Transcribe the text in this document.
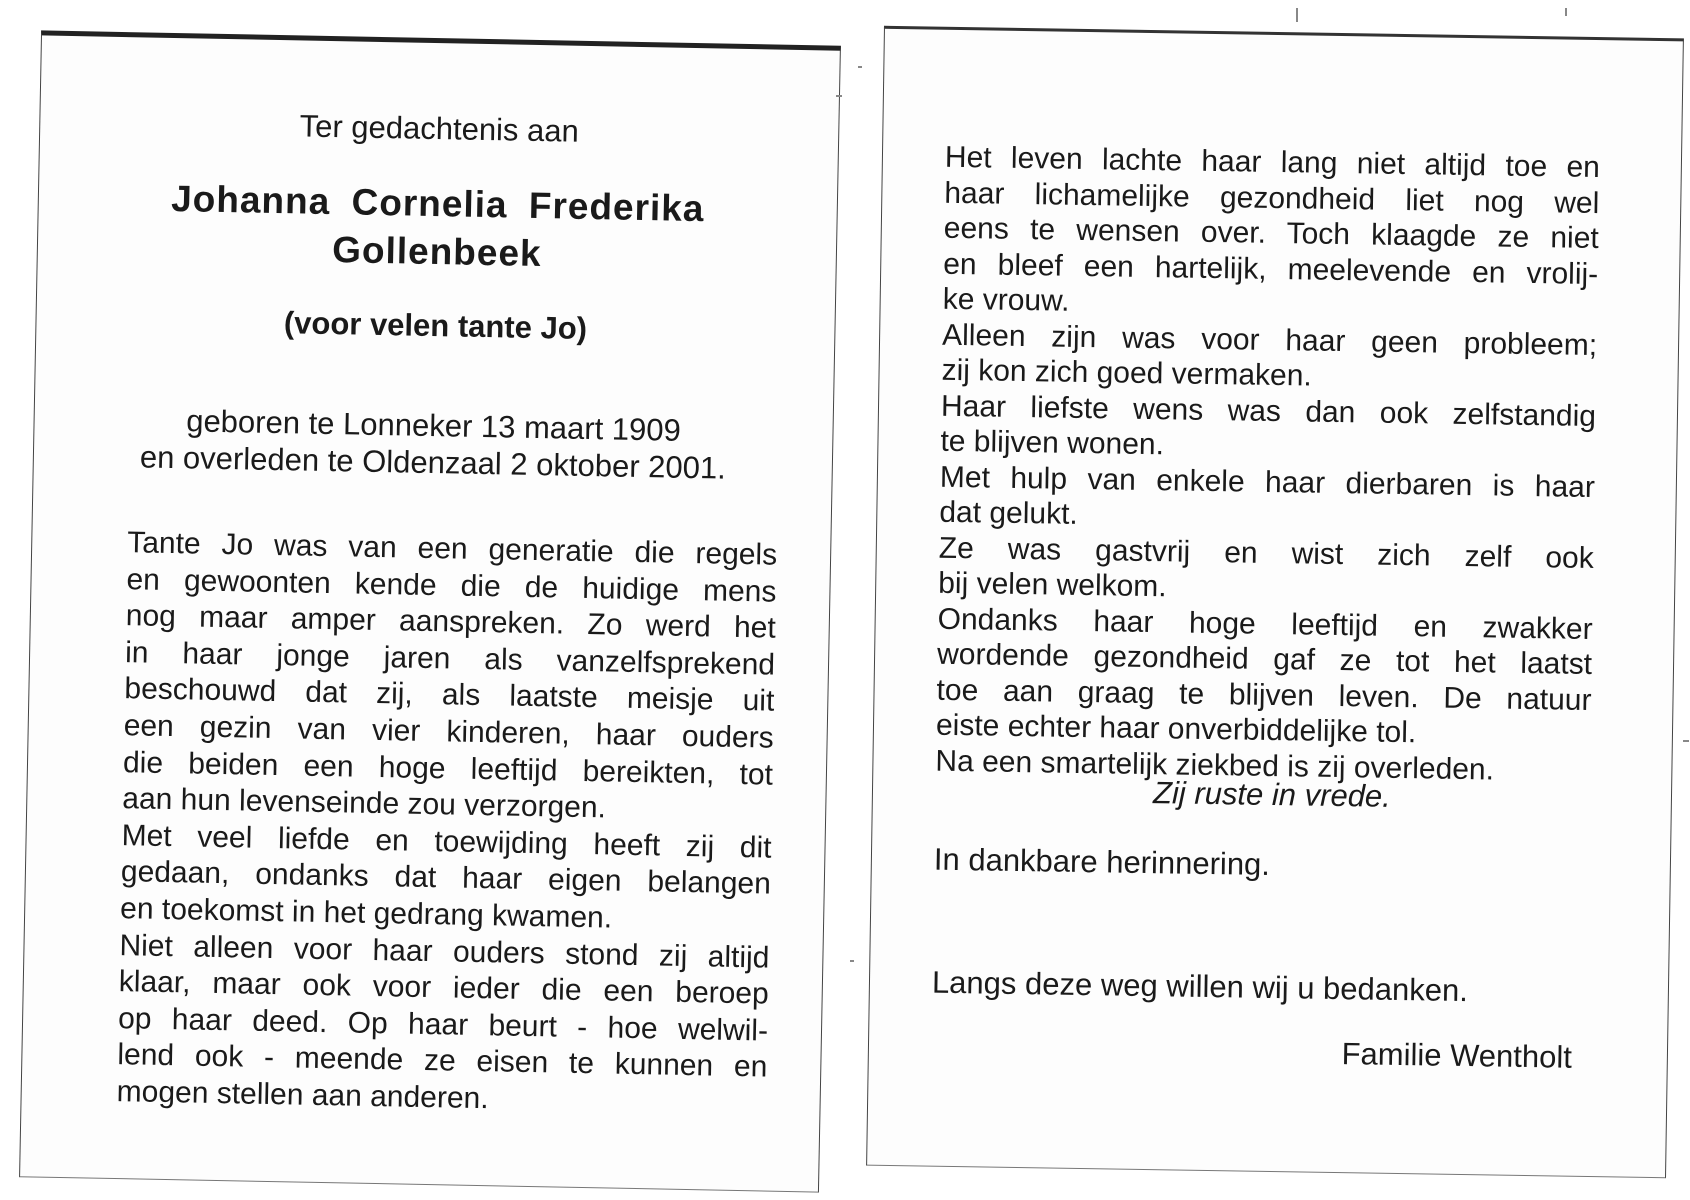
Ter gedachtenis aan
Johanna Cornelia Frederika
Gollenbeek
(voor velen tante Jo)
geboren te Lonneker 13 maart 1909
en overleden te Oldenzaal 2 oktober 2001.
Tante Jo was van een generatie die regels
en gewoonten kende die de huidige mens
nog maar amper aanspreken. Zo werd het
in haar jonge jaren als vanzelfsprekend
beschouwd dat zij, als laatste meisje uit
een gezin van vier kinderen, haar ouders
die beiden een hoge leeftijd bereikten, tot
aan hun levenseinde zou verzorgen.
Met veel liefde en toewijding heeft zij dit
gedaan, ondanks dat haar eigen belangen
en toekomst in het gedrang kwamen.
Niet alleen voor haar ouders stond zij altijd
klaar, maar ook voor ieder die een beroep
op haar deed. Op haar beurt - hoe welwil-
lend ook - meende ze eisen te kunnen en
mogen stellen aan anderen.
Het leven lachte haar lang niet altijd toe en
haar lichamelijke gezondheid liet nog wel
eens te wensen over. Toch klaagde ze niet
en bleef een hartelijk, meelevende en vrolij-
ke vrouw.
Alleen zijn was voor haar geen probleem;
zij kon zich goed vermaken.
Haar liefste wens was dan ook zelfstandig
te blijven wonen.
Met hulp van enkele haar dierbaren is haar
dat gelukt.
Ze was gastvrij en wist zich zelf ook
bij velen welkom.
Ondanks haar hoge leeftijd en zwakker
wordende gezondheid gaf ze tot het laatst
toe aan graag te blijven leven. De natuur
eiste echter haar onverbiddelijke tol.
Na een smartelijk ziekbed is zij overleden.
Zij ruste in vrede.
In dankbare herinnering.
Langs deze weg willen wij u bedanken.
Familie Wentholt
